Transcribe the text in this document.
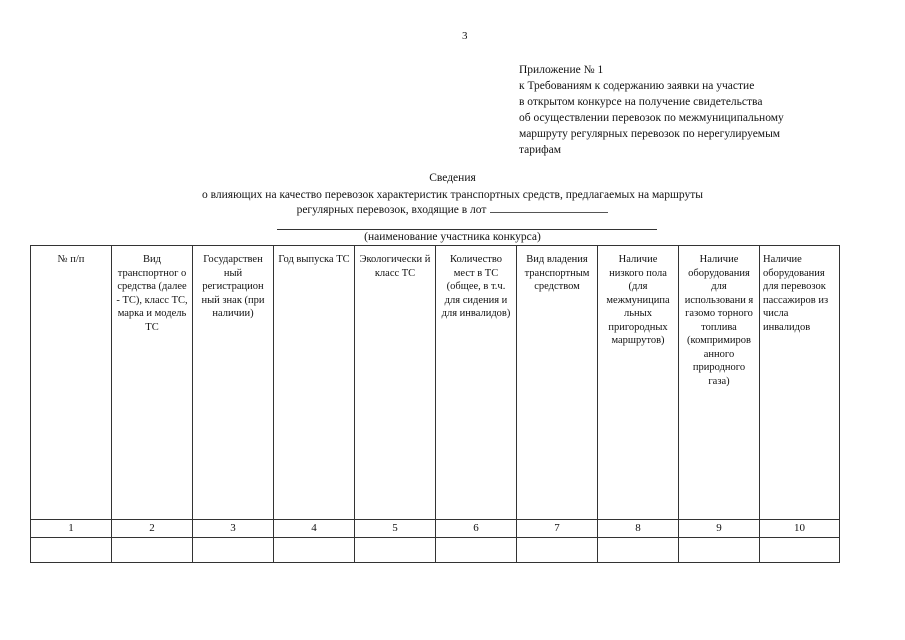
3
Приложение № 1
к Требованиям к содержанию заявки на участие
в открытом конкурсе на получение свидетельства
об осуществлении перевозок по межмуниципальному
маршруту регулярных перевозок по нерегулируемым
тарифам
Сведения
о влияющих на качество перевозок характеристик транспортных средств, предлагаемых на маршруты
регулярных перевозок, входящие в лот
(наименование участника конкурса)
№ п/п	Вид транспортног о средства (далее - ТС), класс ТС, марка и модель ТС	Государствен ный регистрацион ный знак (при наличии)	Год выпуска ТС	Экологически й класс ТС	Количество мест в ТС (общее, в т.ч. для сидения и для инвалидов)	Вид владения транспортным средством	Наличие низкого пола (для межмуниципа льных пригородных маршрутов)	Наличие оборудования для использовани я газомо торного топлива (компримиров анного природного газа)	Наличие оборудования для перевозок пассажиров из числа инвалидов
1	2	3	4	5	6	7	8	9	10
